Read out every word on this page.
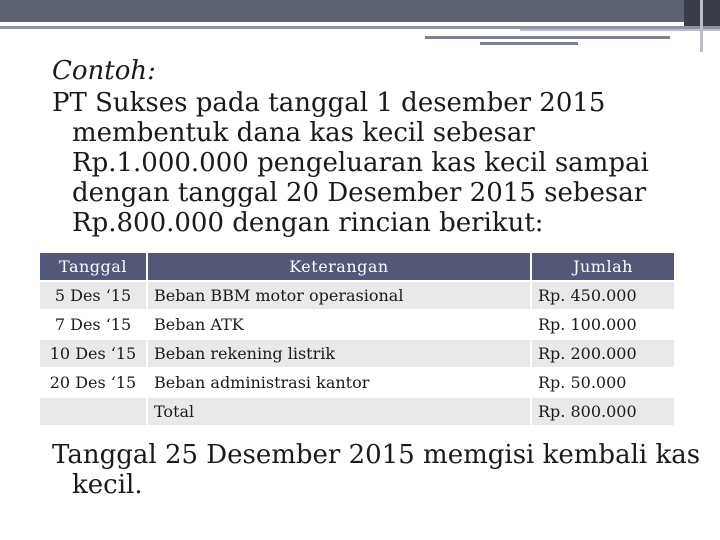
Contoh:
PT Sukses pada tanggal 1 desember 2015 membentuk dana kas kecil sebesar Rp.1.000.000 pengeluaran kas kecil sampai dengan tanggal 20 Desember 2015 sebesar Rp.800.000 dengan rincian berikut:
Tanggal	Keterangan	Jumlah
5 Des ‘15	Beban BBM motor operasional	Rp. 450.000
7 Des ‘15	Beban ATK	Rp. 100.000
10 Des ‘15	Beban rekening listrik	Rp. 200.000
20 Des ‘15	Beban administrasi kantor	Rp. 50.000
	Total	Rp. 800.000
Tanggal 25 Desember 2015 memgisi kembali kas kecil.
